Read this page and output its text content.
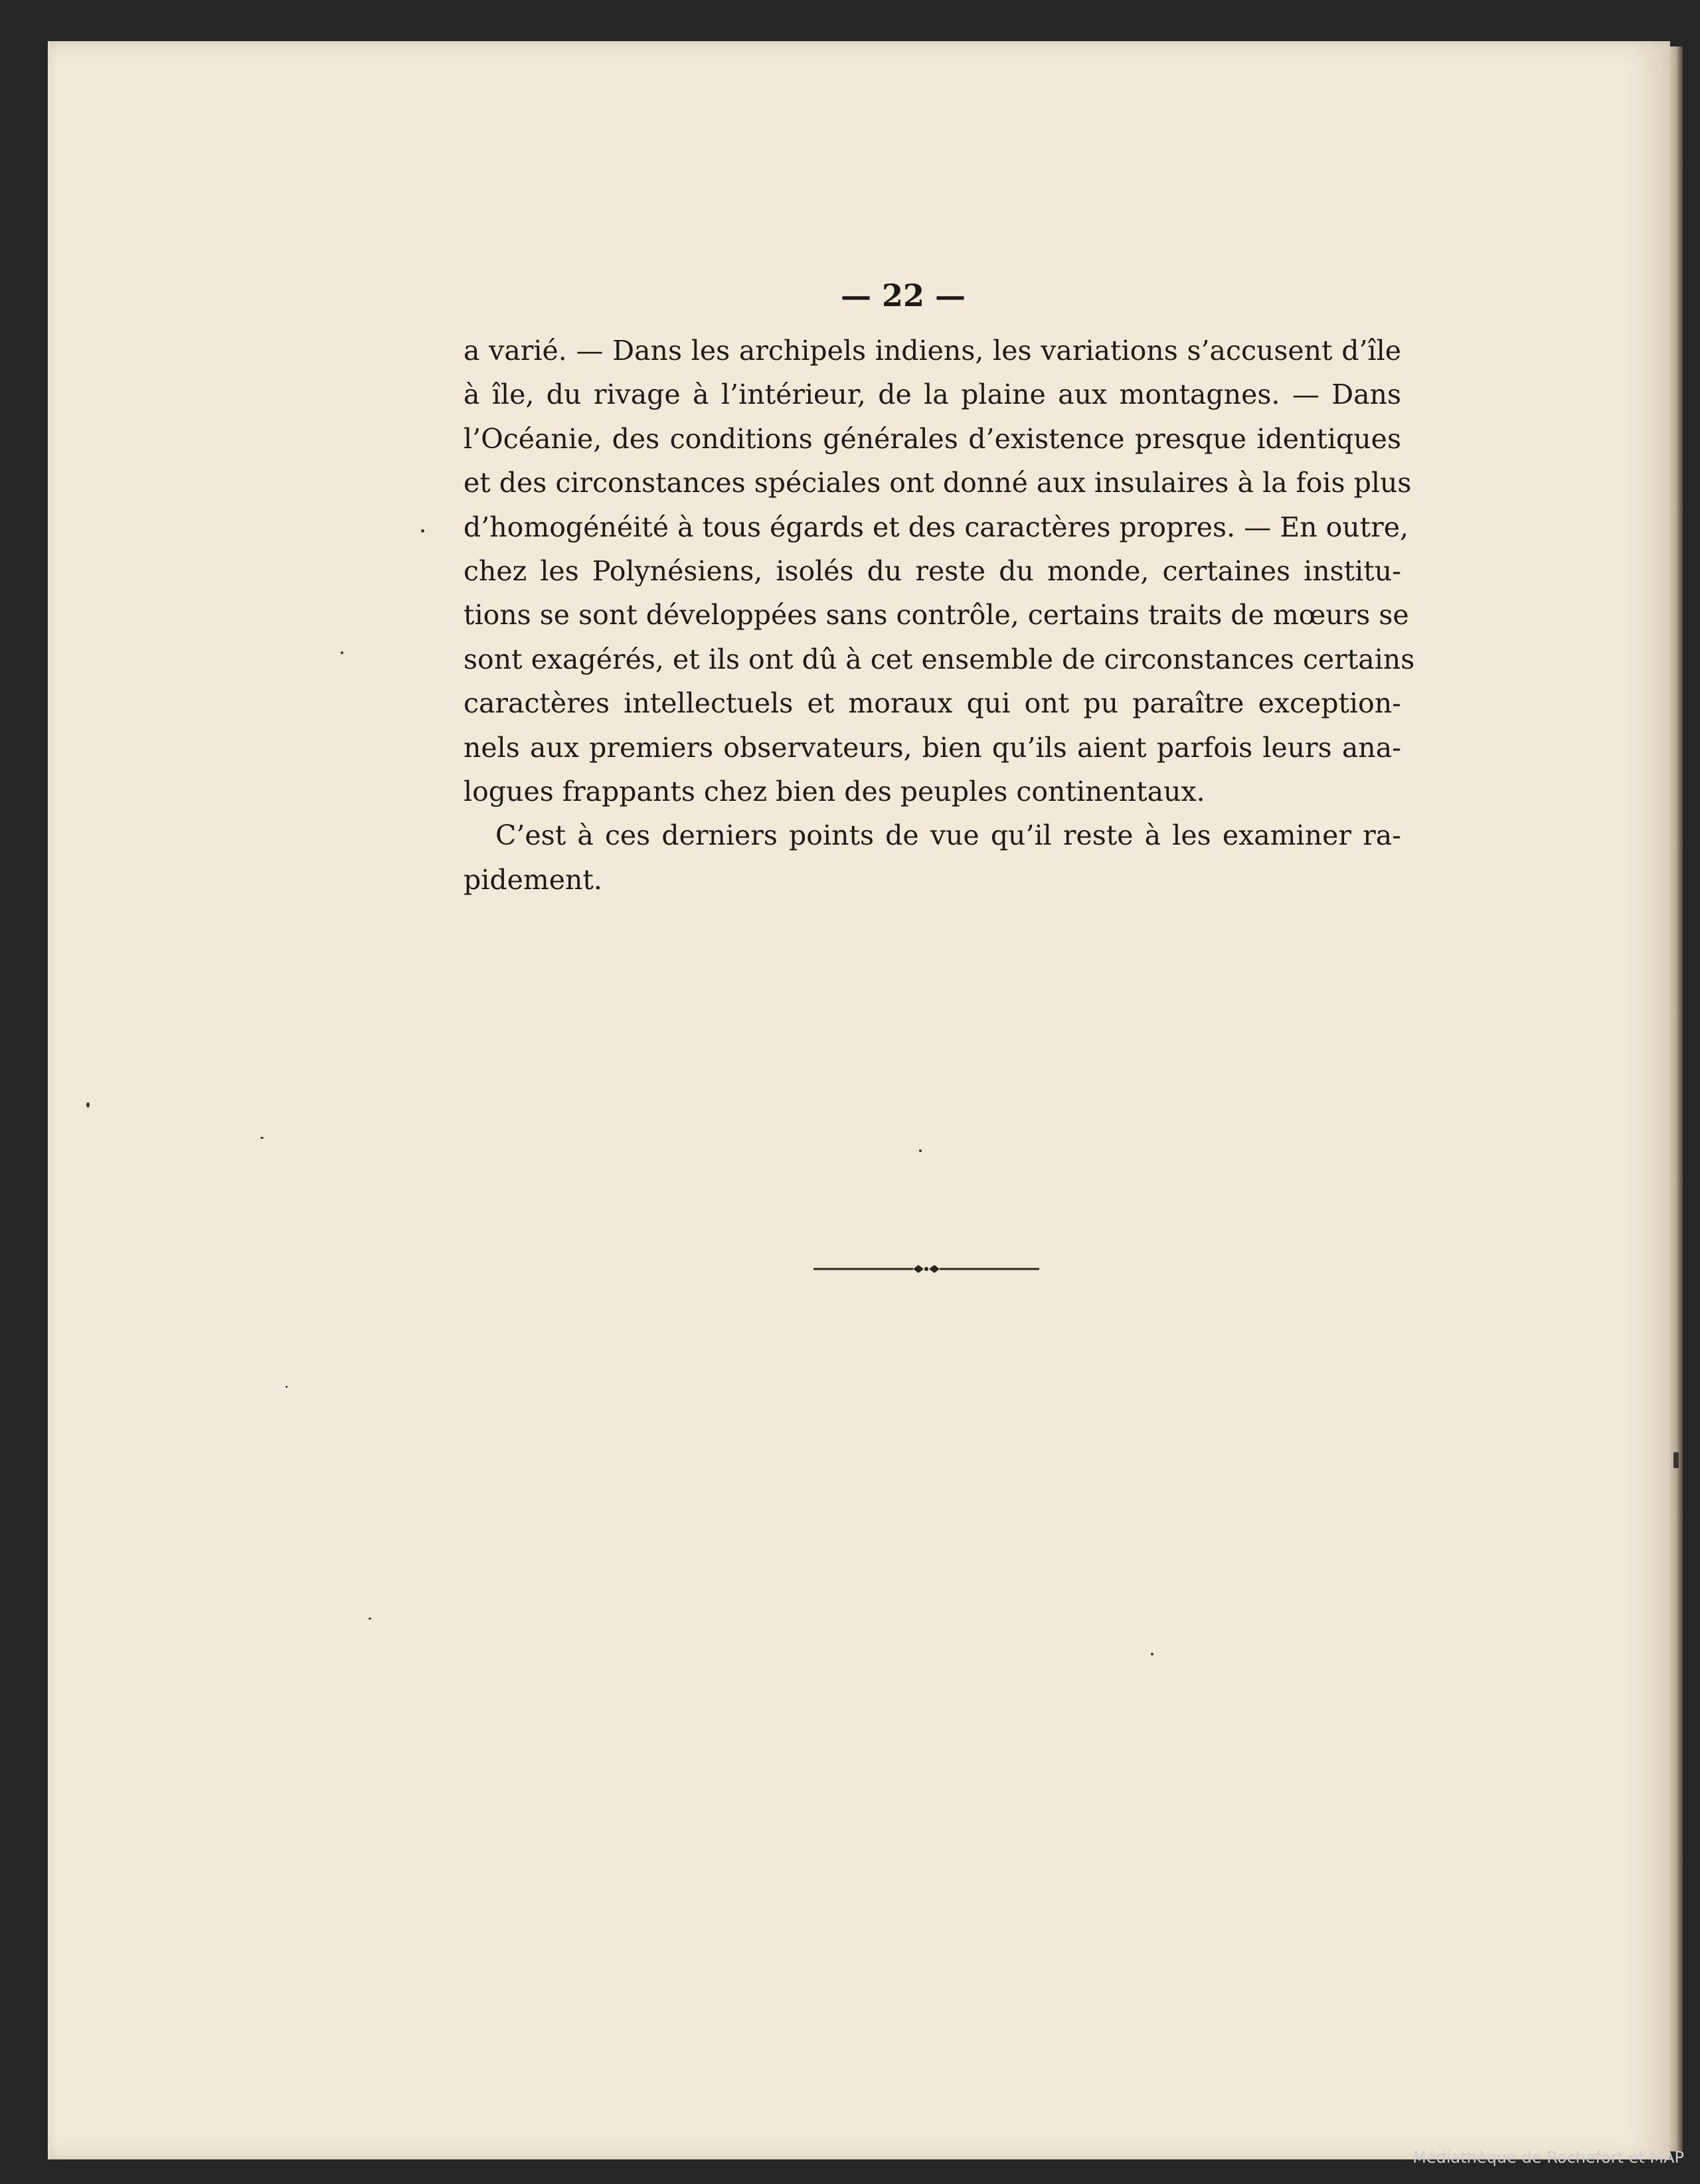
— 22 —
a varié. — Dans les archipels indiens, les variations s’accusent d’île
à île, du rivage à l’intérieur, de la plaine aux montagnes. — Dans
l’Océanie, des conditions générales d’existence presque identiques
et des circonstances spéciales ont donné aux insulaires à la fois plus
d’homogénéité à tous égards et des caractères propres. — En outre,
chez les Polynésiens, isolés du reste du monde, certaines institu-
tions se sont développées sans contrôle, certains traits de mœurs se
sont exagérés, et ils ont dû à cet ensemble de circonstances certains
caractères intellectuels et moraux qui ont pu paraître exception-
nels aux premiers observateurs, bien qu’ils aient parfois leurs ana-
logues frappants chez bien des peuples continentaux.
C’est à ces derniers points de vue qu’il reste à les examiner ra-
pidement.
Médiathèque de Rochefort et MAP
